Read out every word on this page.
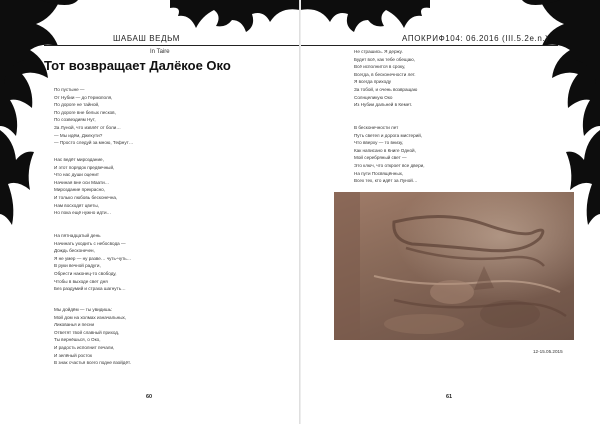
ШАБАШ ВЕДЬМ
In Taire
Тот возвращает Далёкое Око
По пустыне —
От Нубии — до Гермополя,
По дороге не тайной,
По дороге вне белых песков,
По созвездиям Нут,
За Луной, что извлёт от боли…
— Мы идём, Джехути?
— Просто следуй за мною, Тефнут…
Нас ведёт мироздание,
И этот порядок предвечный,
Что нас души оценит
Начиная вне оси Маати…
Мироздание прекрасно,
И только любовь бесконечна,
Нам восходят цветы,
Но пока ещё нужно идти…
На пятнадцатый день
Начинать уходить с небосвода —
Дождь бесконечен,
Я не умер — ну разве… чуть-чуть…
В руки вечной радуги,
Обрести наконец-то свободу,
Чтобы в выходе свет дня
Без раздумий и страха шагнуть…
Мы дойдём — ты увидишь:
Мой дом на холмах изначальных,
Ликованья и песни
Ответят твой славный приход,
Ты вернёшься, о Око,
И радость исполнит печали,
И зелёный росток
В знак счастья всего подне взойдёт.
60
АПОКРИФ104: 06.2016 (III.5.2e.n.)
Не страшись. Я держу.
Будет всё, как тебе обещаю,
Всё исполнится в сроку,
Всегда, в бесконечности лет.
Я всегда приходу
За тобой, и очень возвращаю
Солнцеликую Око
Из Нубии дальней в Кемет.
В бесконечности лет
Путь светел и дорога мистерий,
Что вверху — то внизу,
Как написано в Книге Одной,
Мой серебряный свет —
Это ключ, что откроет все двери,
На пути Посвящённых,
Всех тех, кто идёт за Луной…
61
12-15.05.2015
